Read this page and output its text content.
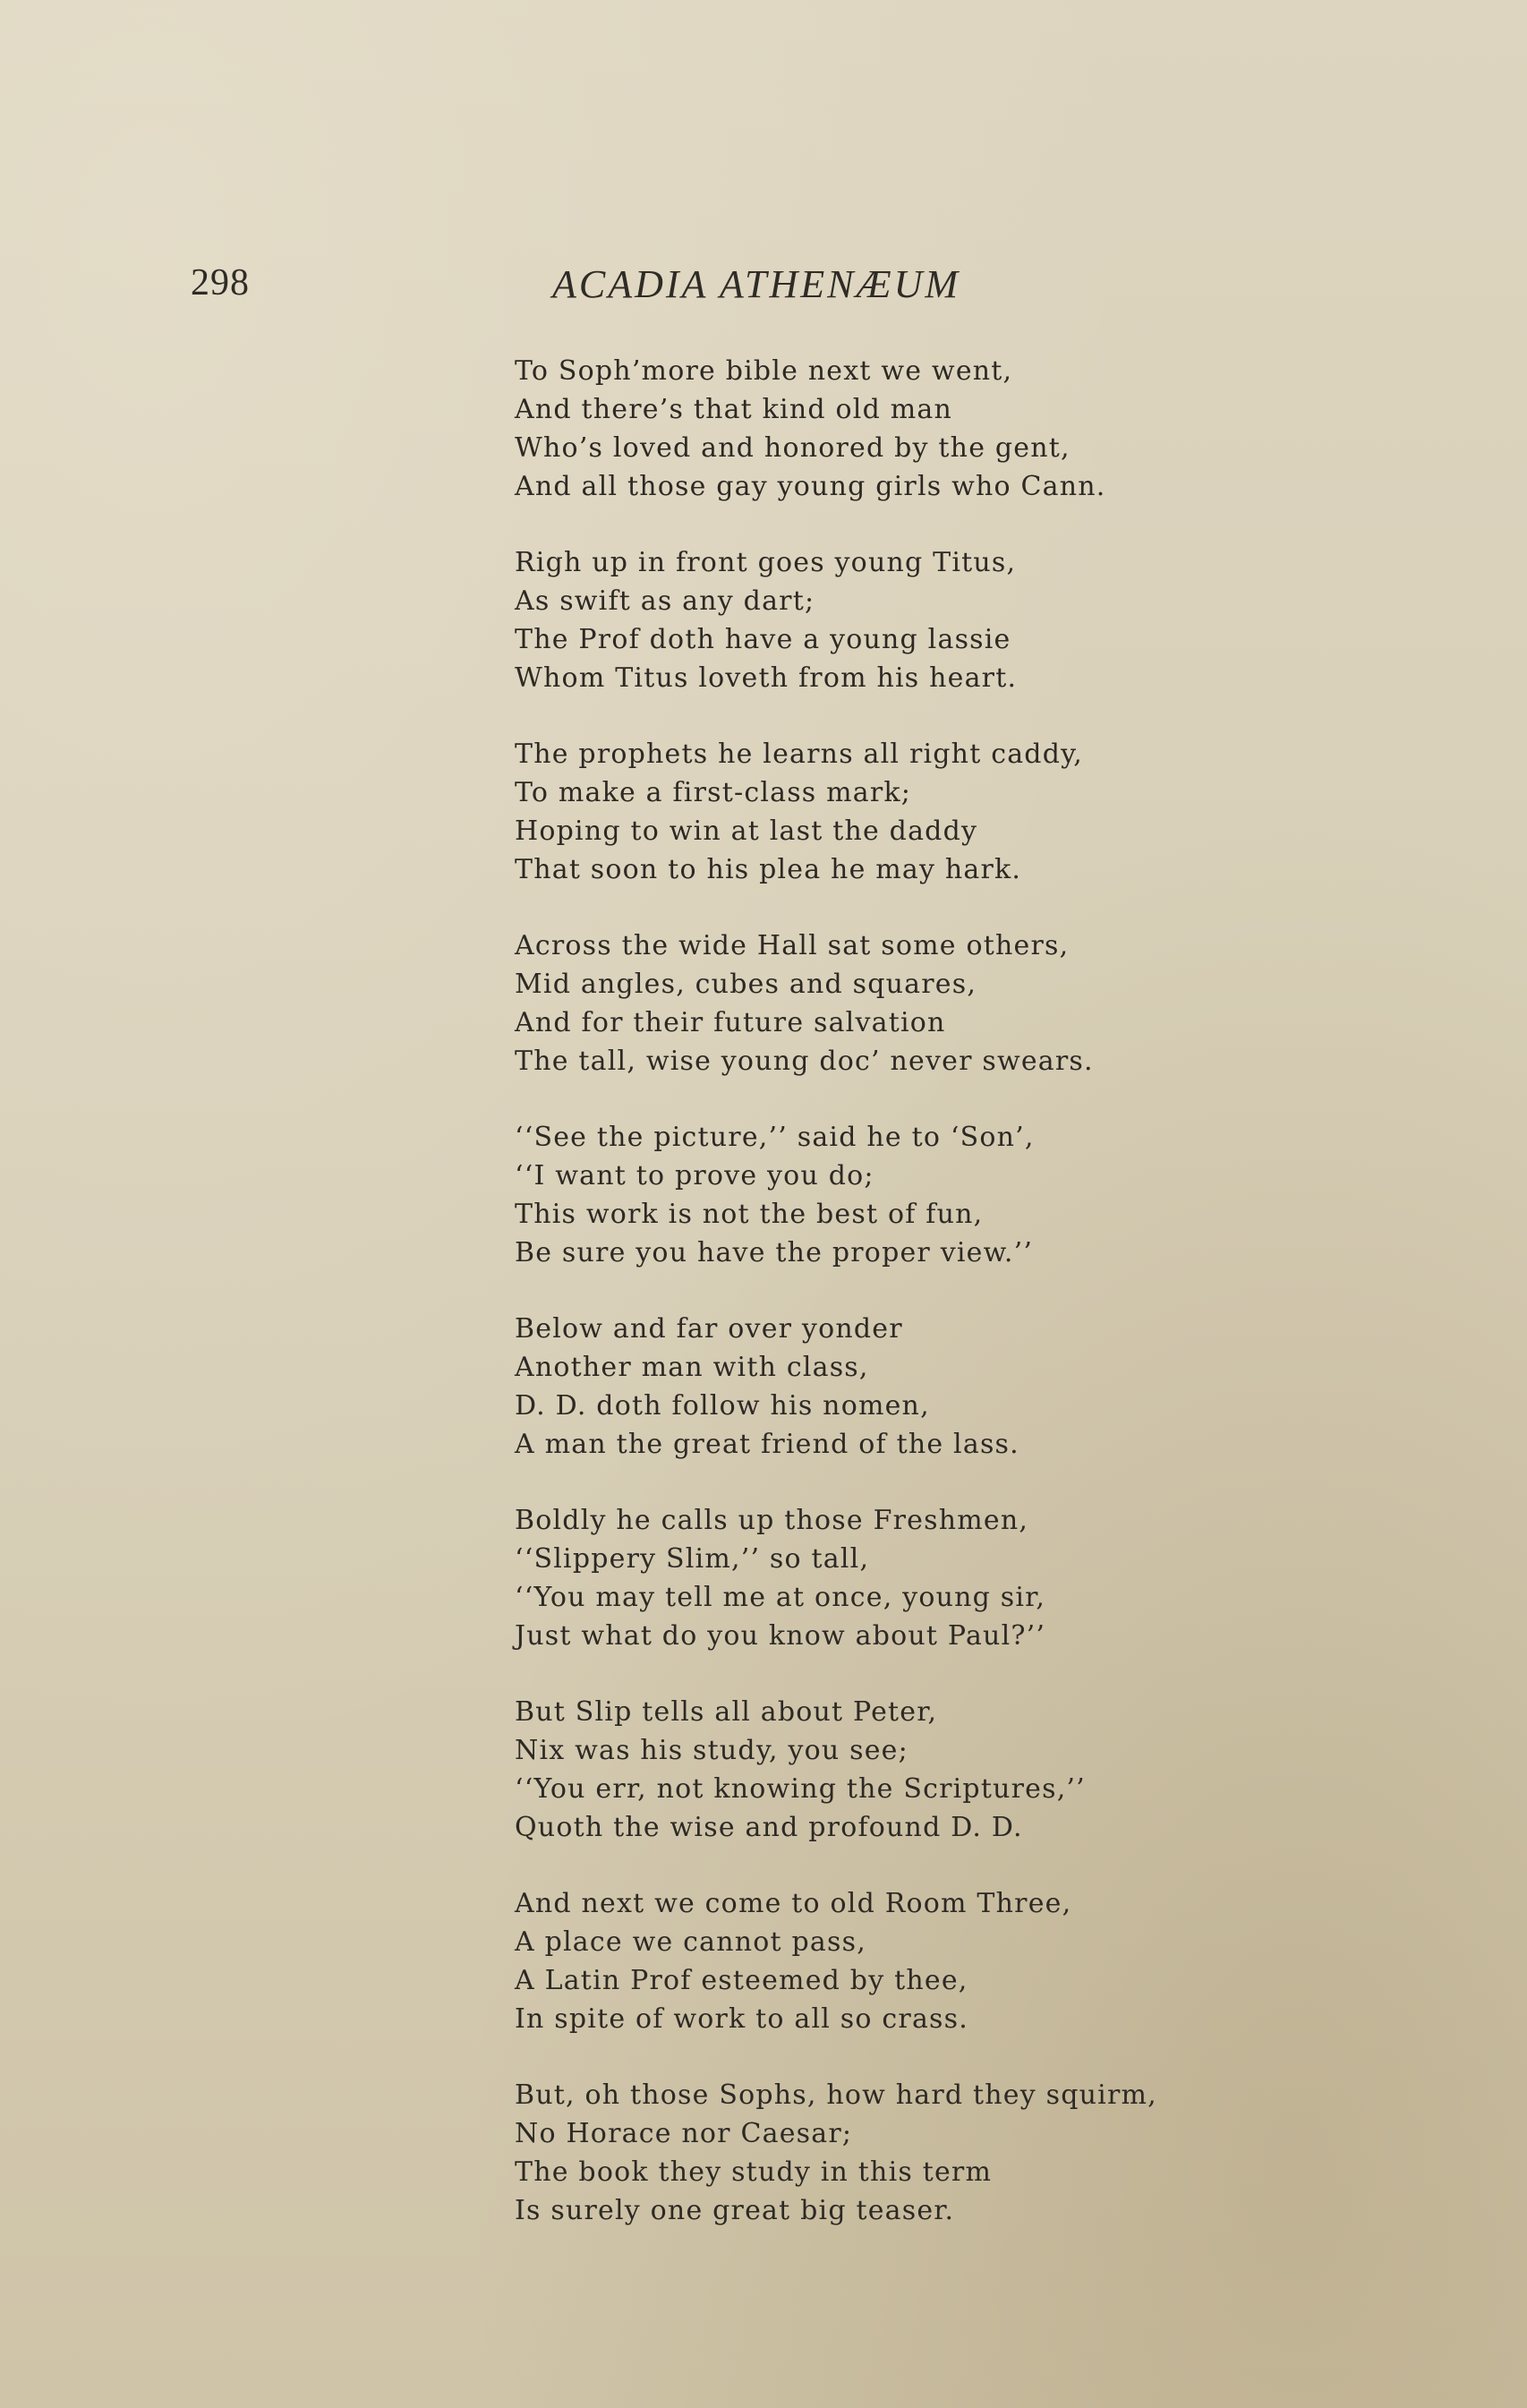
298	ACADIA ATHENÆUM
To Soph’more bible next we went,
And there’s that kind old man
Who’s loved and honored by the gent,
And all those gay young girls who Cann.
Righ up in front goes young Titus,
As swift as any dart;
The Prof doth have a young lassie
Whom Titus loveth from his heart.
The prophets he learns all right caddy,
To make a first-class mark;
Hoping to win at last the daddy
That soon to his plea he may hark.
Across the wide Hall sat some others,
Mid angles, cubes and squares,
And for their future salvation
The tall, wise young doc’ never swears.
‘‘See the picture,’’ said he to ‘Son’,
‘‘I want to prove you do;
This work is not the best of fun,
Be sure you have the proper view.’’
Below and far over yonder
Another man with class,
D. D. doth follow his nomen,
A man the great friend of the lass.
Boldly he calls up those Freshmen,
‘‘Slippery Slim,’’ so tall,
‘‘You may tell me at once, young sir,
Just what do you know about Paul?’’
But Slip tells all about Peter,
Nix was his study, you see;
‘‘You err, not knowing the Scriptures,’’
Quoth the wise and profound D. D.
And next we come to old Room Three,
A place we cannot pass,
A Latin Prof esteemed by thee,
In spite of work to all so crass.
But, oh those Sophs, how hard they squirm,
No Horace nor Caesar;
The book they study in this term
Is surely one great big teaser.
